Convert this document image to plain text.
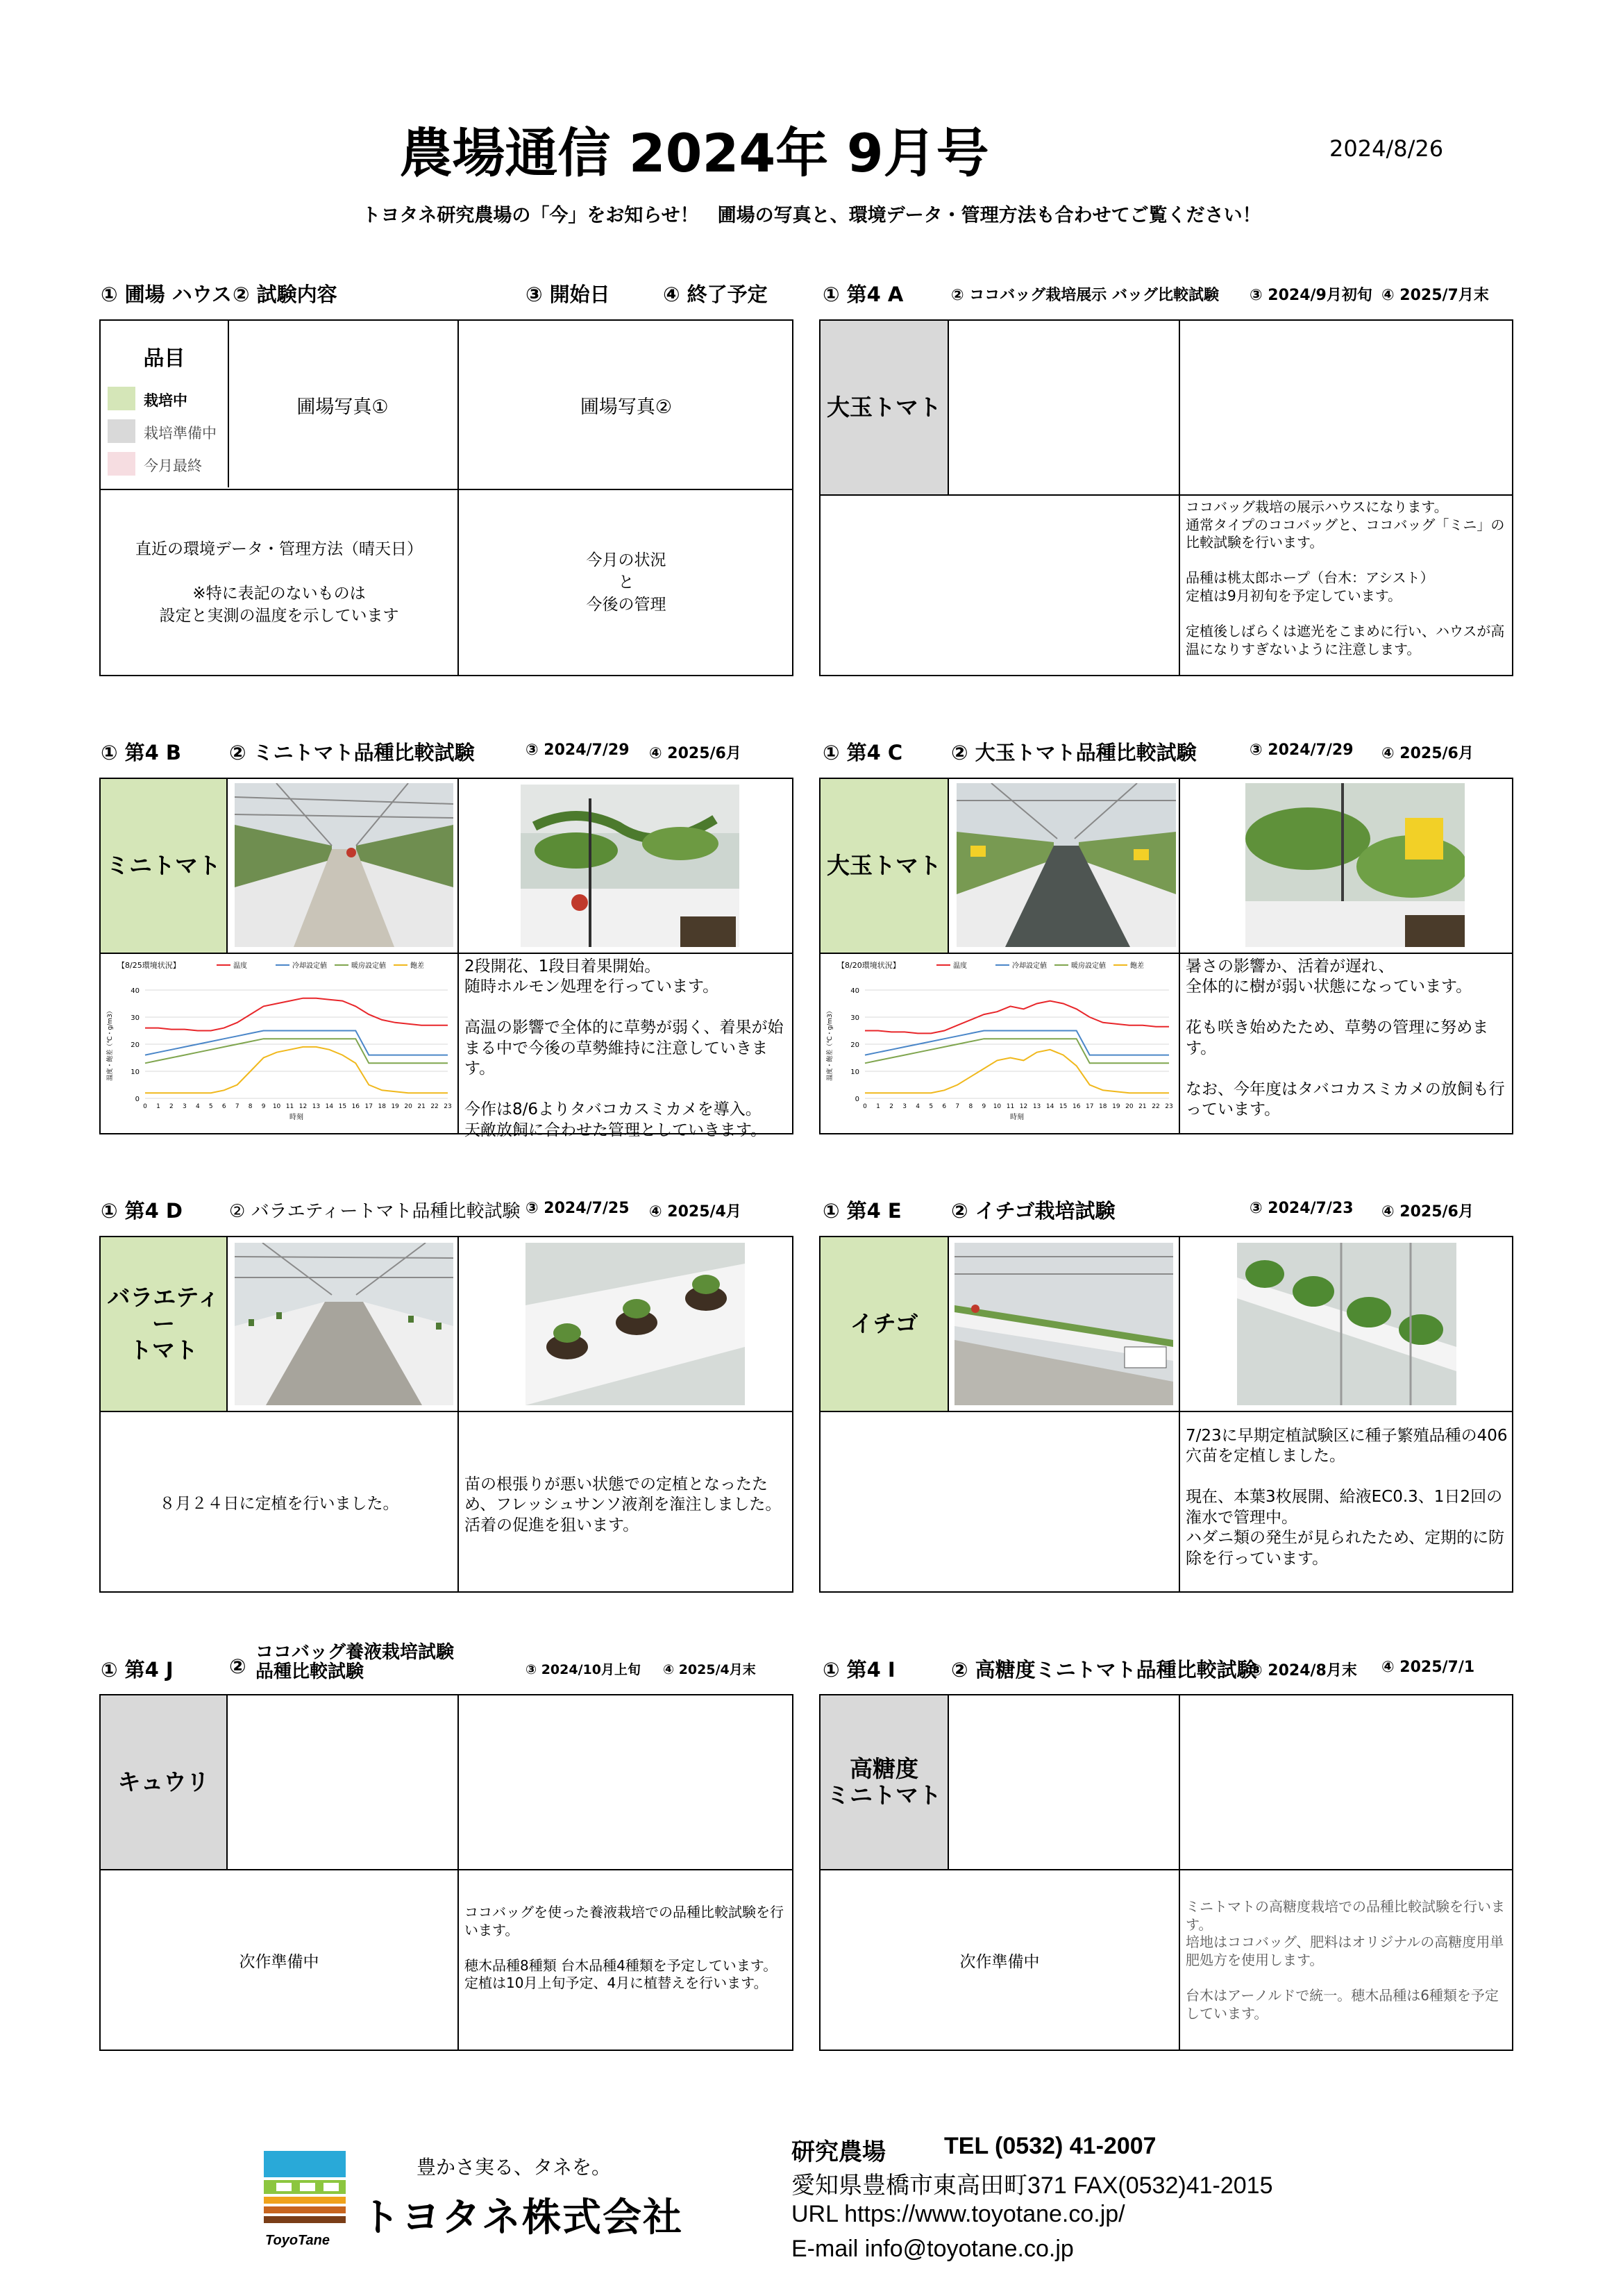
農場通信 2024年 9月号	2024/8/26
トヨタネ研究農場の「今」をお知らせ！　圃場の写真と、環境データ・管理方法も合わせてご覧ください！
① 圃場 ハウス ② 試験内容	③ 開始日	④ 終了予定
品目
栽培中
栽培準備中
今月最終
圃場写真①	圃場写真②
直近の環境データ・管理方法（晴天日）

※特に表記のないものは
設定と実測の温度を示しています
今月の状況
と
今後の管理
① 第4 A	② ココバッグ栽培展示 バッグ比較試験 ③ 2024/9月初旬 ④ 2025/7月末
大玉トマト
ココバッグ栽培の展示ハウスになります。
通常タイプのココバッグと、ココバッグ「ミニ」の比較試験を行います。

品種は桃太郎ホープ（台木：アシスト）
定植は9月初旬を予定しています。

定植後しばらくは遮光をこまめに行い、ハウスが高温になりすぎないように注意します。
① 第4 B ② ミニトマト品種比較試験	③ 2024/7/29 ④ 2025/6月
ミニトマト
【8/25環境状況】	温度	冷却設定値	暖房設定値	飽差
0
10
20
30
40
0 1 2 3 4 5 6 7 8 9 10 11 12 13 14 15 16 17 18 19 20 21 22 23
時刻
温度・飽差（℃・g/m3）
2段開花、1段目着果開始。
随時ホルモン処理を行っています。

高温の影響で全体的に草勢が弱く、着果が始まる中で今後の草勢維持に注意していきます。

今作は8/6よりタバコカスミカメを導入。
天敵放飼に合わせた管理としていきます。
① 第4 C ② 大玉トマト品種比較試験	③ 2024/7/29 ④ 2025/6月
大玉トマト
【8/20環境状況】	温度	冷却設定値	暖房設定値	飽差
0
10
20
30
40
0 1 2 3 4 5 6 7 8 9 10 11 12 13 14 15 16 17 18 19 20 21 22 23
時刻
温度・飽差（℃・g/m3）
暑さの影響か、活着が遅れ、
全体的に樹が弱い状態になっています。

花も咲き始めたため、草勢の管理に努めます。

なお、今年度はタバコカスミカメの放飼も行っています。
① 第4 D	② バラエティートマト品種比較試験 ③ 2024/7/25 ④ 2025/4月
バラエティー
トマト
８月２４日に定植を行いました。
苗の根張りが悪い状態での定植となったため、フレッシュサンソ液剤を潅注しました。
活着の促進を狙います。
① 第4 E ② イチゴ栽培試験	③ 2024/7/23 ④ 2025/6月
イチゴ
7/23に早期定植試験区に種子繁殖品種の406穴苗を定植しました。

現在、本葉3枚展開、給液EC0.3、1日2回の潅水で管理中。
ハダニ類の発生が見られたため、定期的に防除を行っています。
① 第4 J	②
ココバッグ養液栽培試験
品種比較試験	③ 2024/10月上旬 ④ 2025/4月末
キュウリ
次作準備中
ココバッグを使った養液栽培での品種比較試験を行います。

穂木品種8種類 台木品種4種類を予定しています。
定植は10月上旬予定、4月に植替えを行います。
① 第4 I	② 高糖度ミニトマト品種比較試験
③ 2024/8月末 ④ 2025/7/1
高糖度
ミニトマト
次作準備中
ミニトマトの高糖度栽培での品種比較試験を行います。
培地はココバッグ、肥料はオリジナルの高糖度用単肥処方を使用します。

台木はアーノルドで統一。穂木品種は6種類を予定しています。
ToyoTane
豊かさ実る、タネを。
トヨタネ株式会社
研究農場 TEL (0532) 41-2007
愛知県豊橋市東高田町371 FAX(0532)41-2015
URL https://www.toyotane.co.jp/
E-mail info@toyotane.co.jp
